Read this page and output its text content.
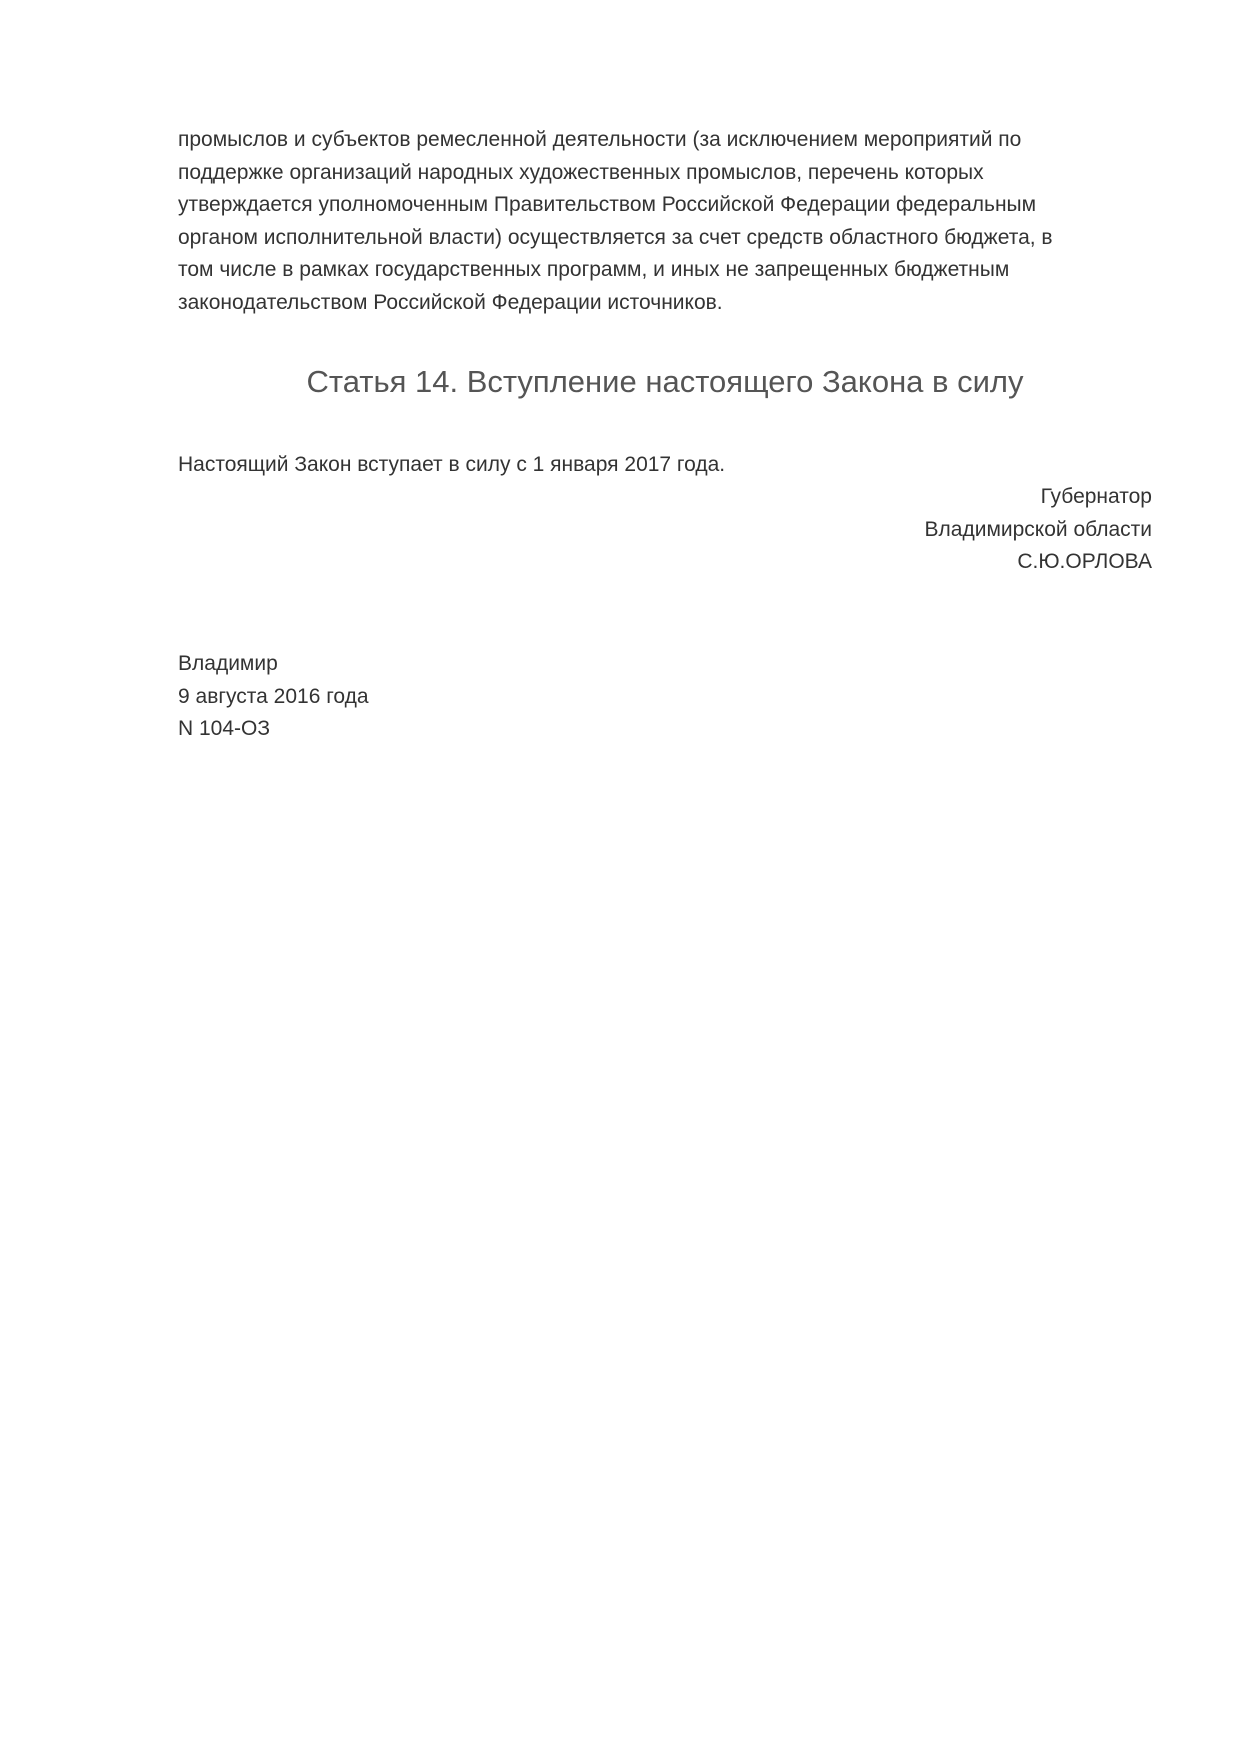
промыслов и субъектов ремесленной деятельности (за исключением мероприятий по
поддержке организаций народных художественных промыслов, перечень которых
утверждается уполномоченным Правительством Российской Федерации федеральным
органом исполнительной власти) осуществляется за счет средств областного бюджета, в
том числе в рамках государственных программ, и иных не запрещенных бюджетным
законодательством Российской Федерации источников.
Статья 14. Вступление настоящего Закона в силу

Настоящий Закон вступает в силу с 1 января 2017 года.

Губернатор
Владимирской области
С.Ю.ОРЛОВА
Владимир
9 августа 2016 года
N 104-ОЗ
